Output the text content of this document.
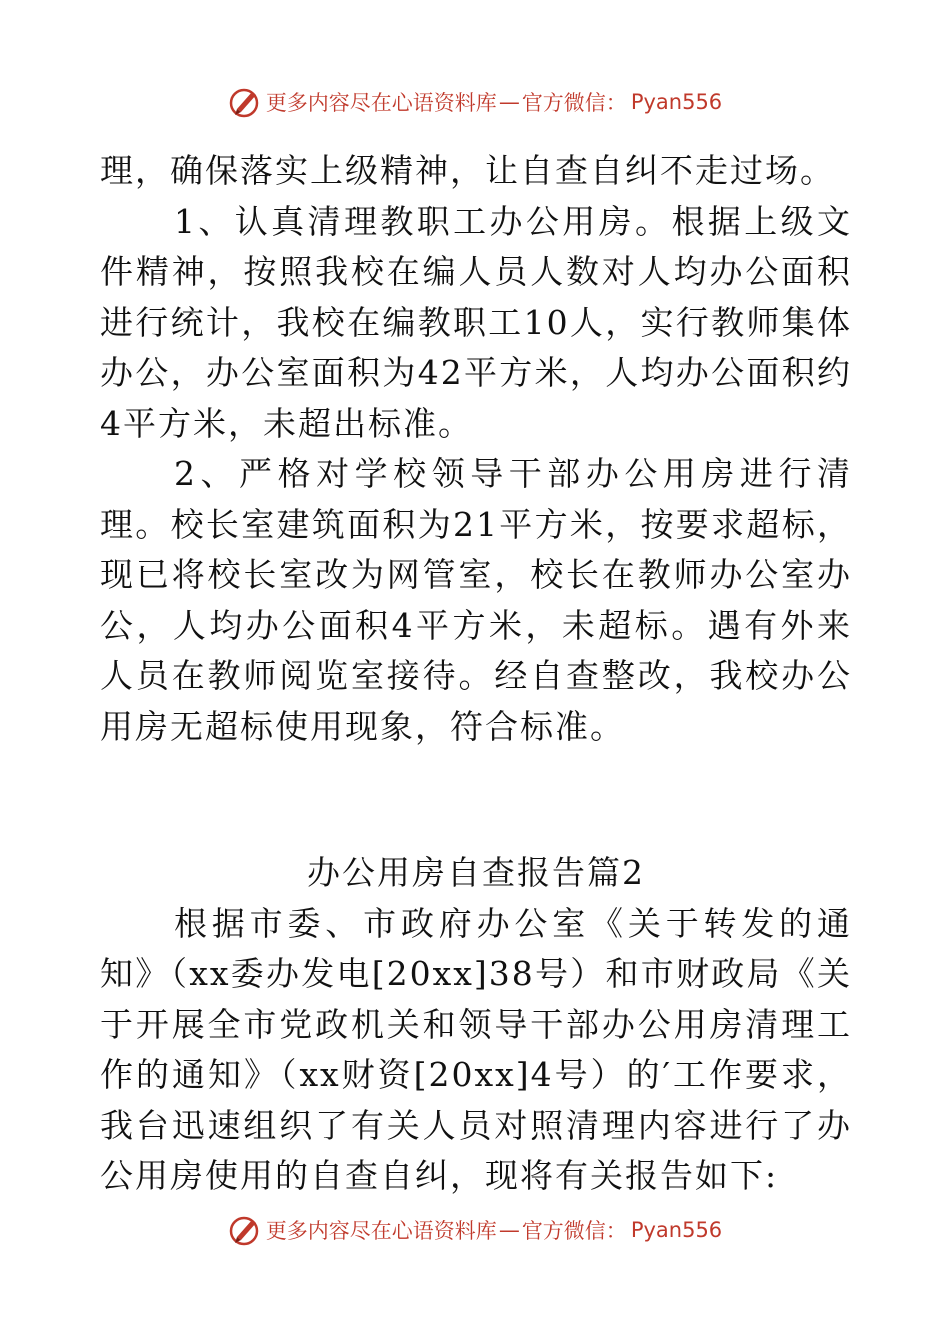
更多内容尽在心语资料库 — 官方微信： Pyan556

理，确保落实上级精神，让自查自纠不走过场。

1、认真清理教职工办公用房。根据上级文件精神，按照我校在编人员人数对人均办公面积进行统计，我校在编教职工10人，实行教师集体办公，办公室面积为42平方米，人均办公面积约4平方米，未超出标准。

2、严格对学校领导干部办公用房进行清理。校长室建筑面积为21平方米，按要求超标，现已将校长室改为网管室，校长在教师办公室办公，人均办公面积4平方米，未超标。遇有外来人员在教师阅览室接待。经自查整改，我校办公用房无超标使用现象，符合标准。

办公用房自查报告篇2

根据市委、市政府办公室《关于转发的通知》（xx委办发电[20xx]38号）和市财政局《关于开展全市党政机关和领导干部办公用房清理工作的通知》（xx财资[20xx]4号）的′工作要求，我台迅速组织了有关人员对照清理内容进行了办公用房使用的自查自纠，现将有关报告如下:

更多内容尽在心语资料库 — 官方微信： Pyan556
